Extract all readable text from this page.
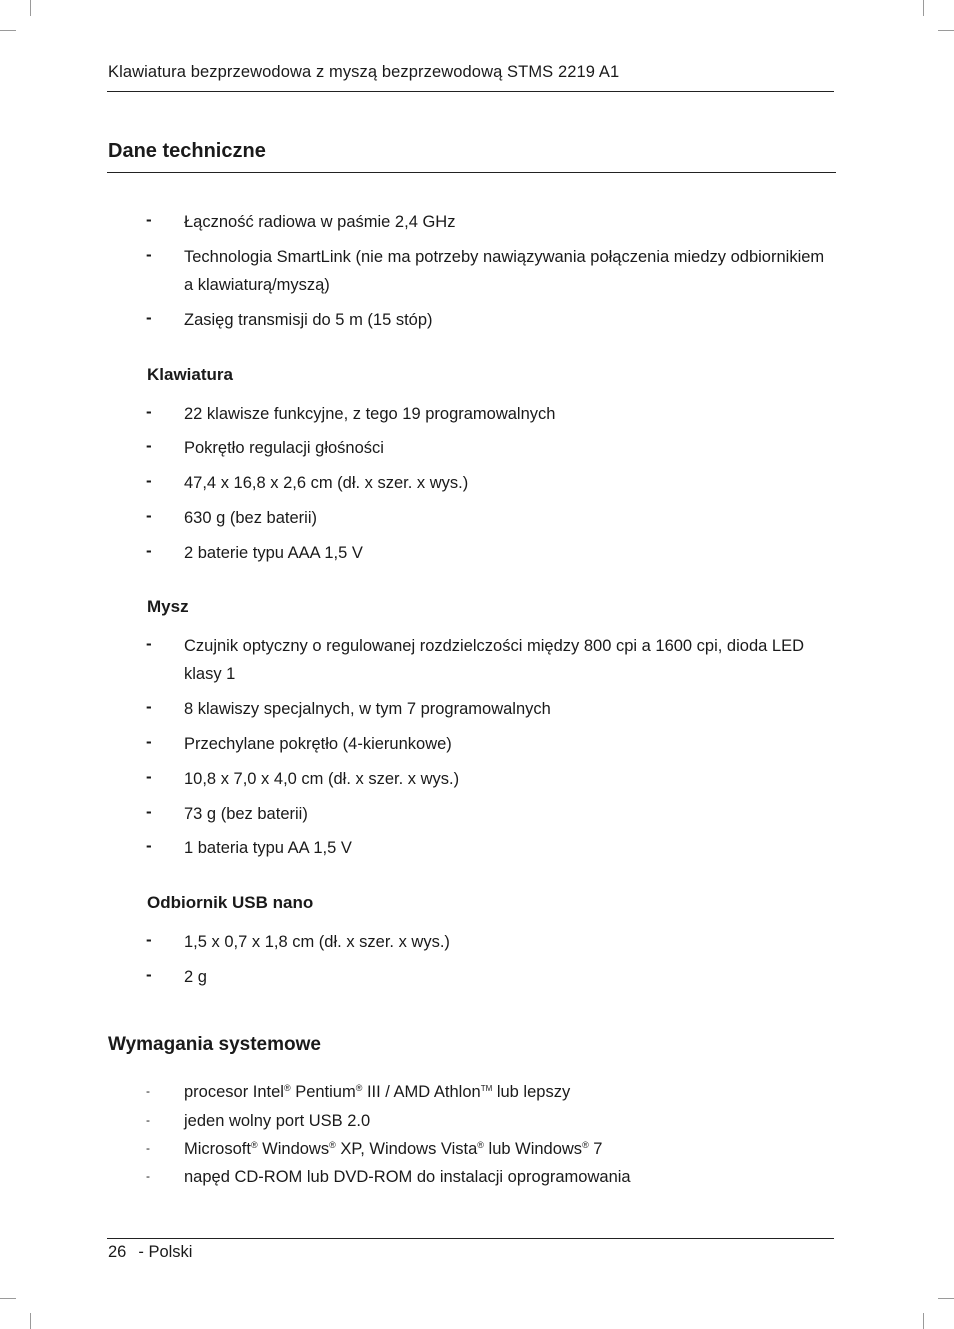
Klawiatura bezprzewodowa z myszą bezprzewodową STMS 2219 A1
Dane techniczne
- Łączność radiowa w paśmie 2,4 GHz
- Technologia SmartLink (nie ma potrzeby nawiązywania połączenia miedzy odbiornikiem
a klawiaturą/myszą)
- Zasięg transmisji do 5 m (15 stóp)
Klawiatura
- 22 klawisze funkcyjne, z tego 19 programowalnych
- Pokrętło regulacji głośności
- 47,4 x 16,8 x 2,6 cm (dł. x szer. x wys.)
- 630 g (bez baterii)
- 2 baterie typu AAA 1,5 V
Mysz
- Czujnik optyczny o regulowanej rozdzielczości między 800 cpi a 1600 cpi, dioda LED
klasy 1
- 8 klawiszy specjalnych, w tym 7 programowalnych
- Przechylane pokrętło (4-kierunkowe)
- 10,8 x 7,0 x 4,0 cm (dł. x szer. x wys.)
- 73 g (bez baterii)
- 1 bateria typu AA 1,5 V
Odbiornik USB nano
- 1,5 x 0,7 x 1,8 cm (dł. x szer. x wys.)
- 2 g
Wymagania systemowe
- procesor Intel® Pentium® III / AMD Athlon™ lub lepszy
- jeden wolny port USB 2.0
- Microsoft® Windows® XP, Windows Vista® lub Windows® 7
- napęd CD-ROM lub DVD-ROM do instalacji oprogramowania
26 - Polski
